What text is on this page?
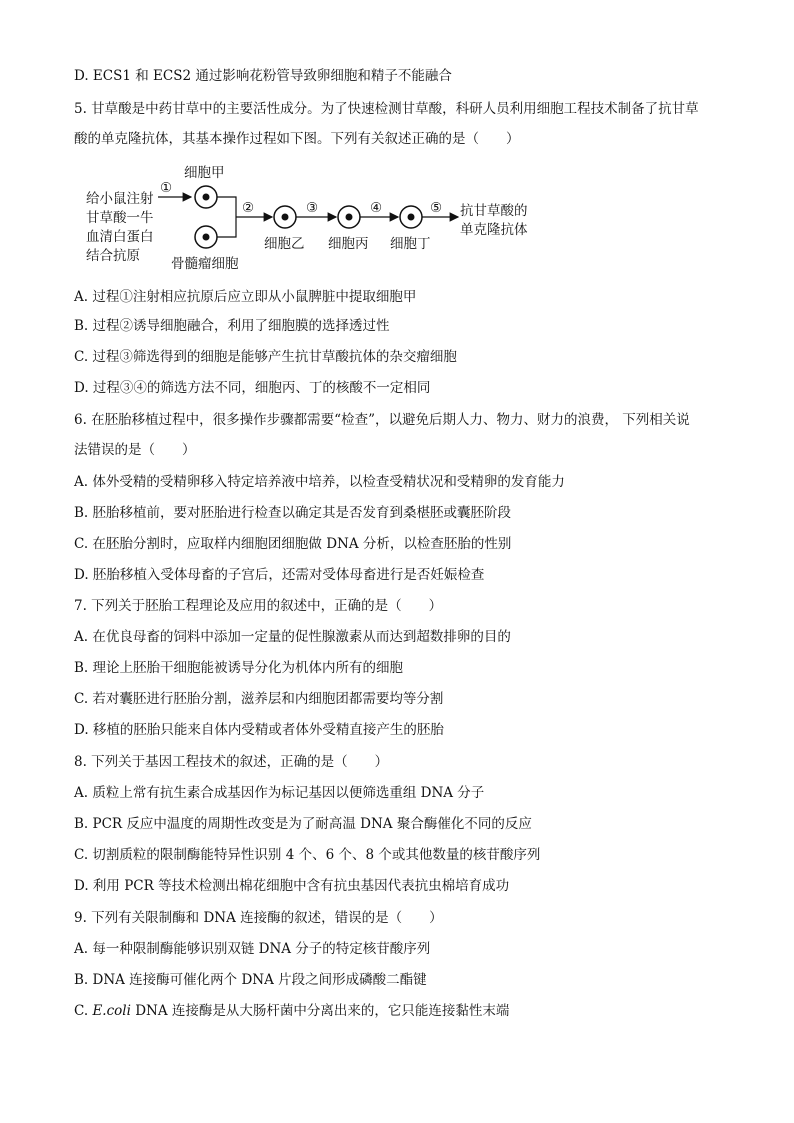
D. ECS1 和 ECS2 通过影响花粉管导致卵细胞和精子不能融合
5. 甘草酸是中药甘草中的主要活性成分。为了快速检测甘草酸，科研人员利用细胞工程技术制备了抗甘草
酸的单克隆抗体，其基本操作过程如下图。下列有关叙述正确的是（　　）
给小鼠注射
甘草酸一牛
血清白蛋白
结合抗原
①
细胞甲
骨髓瘤细胞
②
细胞乙
③
细胞丙
④
细胞丁
⑤ 抗甘草酸的
单克隆抗体
A. 过程①注射相应抗原后应立即从小鼠脾脏中提取细胞甲
B. 过程②诱导细胞融合，利用了细胞膜的选择透过性
C. 过程③筛选得到的细胞是能够产生抗甘草酸抗体的杂交瘤细胞
D. 过程③④的筛选方法不同，细胞丙、丁的核酸不一定相同
6. 在胚胎移植过程中，很多操作步骤都需要“检查”，以避免后期人力、物力、财力的浪费， 下列相关说
法错误的是（　　）
A. 体外受精的受精卵移入特定培养液中培养，以检查受精状况和受精卵的发育能力
B. 胚胎移植前，要对胚胎进行检查以确定其是否发育到桑椹胚或囊胚阶段
C. 在胚胎分割时，应取样内细胞团细胞做 DNA 分析，以检查胚胎的性别
D. 胚胎移植入受体母畜的子宫后，还需对受体母畜进行是否妊娠检查
7. 下列关于胚胎工程理论及应用的叙述中，正确的是（　　）
A. 在优良母畜的饲料中添加一定量的促性腺激素从而达到超数排卵的目的
B. 理论上胚胎干细胞能被诱导分化为机体内所有的细胞
C. 若对囊胚进行胚胎分割，滋养层和内细胞团都需要均等分割
D. 移植的胚胎只能来自体内受精或者体外受精直接产生的胚胎
8. 下列关于基因工程技术的叙述，正确的是（　　）
A. 质粒上常有抗生素合成基因作为标记基因以便筛选重组 DNA 分子
B. PCR 反应中温度的周期性改变是为了耐高温 DNA 聚合酶催化不同的反应
C. 切割质粒的限制酶能特异性识别 4 个、6 个、8 个或其他数量的核苷酸序列
D. 利用 PCR 等技术检测出棉花细胞中含有抗虫基因代表抗虫棉培育成功
9. 下列有关限制酶和 DNA 连接酶的叙述，错误的是（　　）
A. 每一种限制酶能够识别双链 DNA 分子的特定核苷酸序列
B. DNA 连接酶可催化两个 DNA 片段之间形成磷酸二酯键
C. E.coli DNA 连接酶是从大肠杆菌中分离出来的，它只能连接黏性末端
